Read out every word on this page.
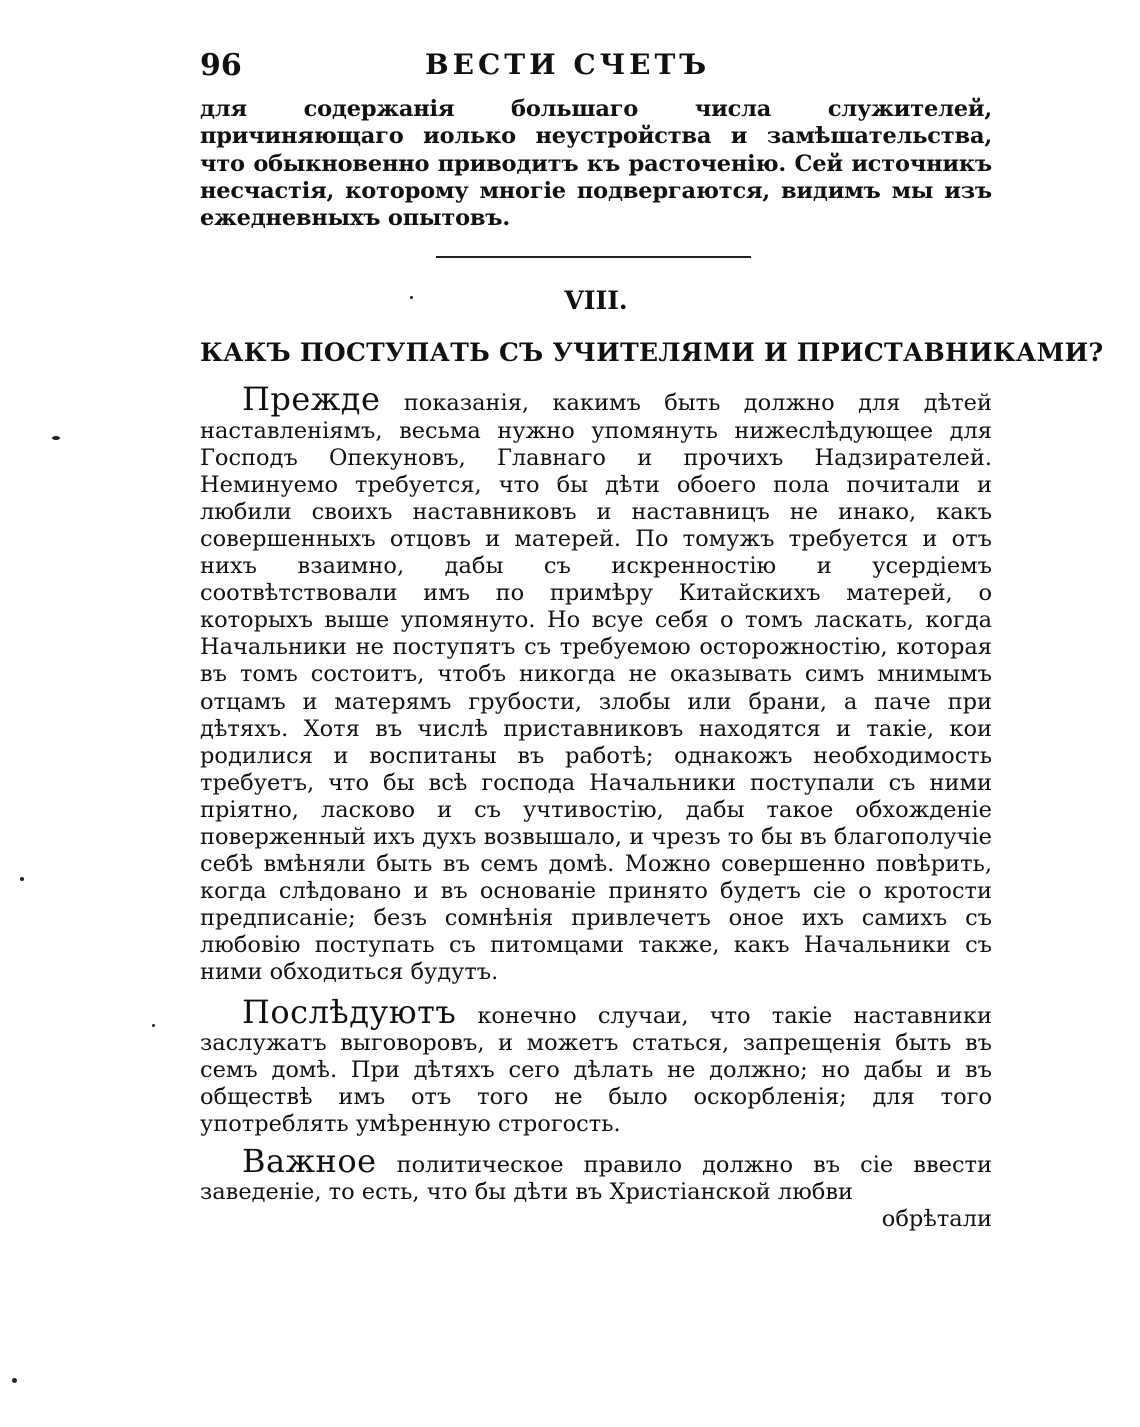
96	ВЕСТИ СЧЕТЪ

для содержанія большаго числа служителей, причиняющаго иолько неустройства и замѣшательства, что обыкновенно приводитъ къ расточенію. Сей источникъ несчастія, которому многіе подвергаются, видимъ мы изъ ежедневныхъ опытовъ.

VIII.
КАКЪ ПОСТУПАТЬ СЪ УЧИТЕЛЯМИ И ПРИСТАВНИКАМИ?

Прежде показанія, какимъ быть должно для дѣтей наставленіямъ, весьма нужно упомянуть нижеслѣдующее для Господъ Опекуновъ, Главнаго и прочихъ Надзирателей. Неминуемо требуется, что бы дѣти обоего пола почитали и любили своихъ наставниковъ и наставницъ не инако, какъ совершенныхъ отцовъ и матерей. По томужъ требуется и отъ нихъ взаимно, дабы съ искренностію и усердіемъ соотвѣтствовали имъ по примѣру Китайскихъ матерей, о которыхъ выше упомянуто. Но всуе себя о томъ ласкать, когда Начальники не поступятъ съ требуемою осторожностію, которая въ томъ состоитъ, чтобъ никогда не оказывать симъ мнимымъ отцамъ и матерямъ грубости, злобы или брани, а паче при дѣтяхъ. Хотя въ числѣ приставниковъ находятся и такіе, кои родилися и воспитаны въ работѣ; однакожъ необходимость требуетъ, что бы всѣ господа Начальники поступали съ ними пріятно, ласково и съ учтивостію, дабы такое обхожденіе поверженный ихъ духъ возвышало, и чрезъ то бы въ благополучіе себѣ вмѣняли быть въ семъ домѣ. Можно совершенно повѣрить, когда слѣдовано и въ основаніе принято будетъ сіе о кротости предписаніе; безъ сомнѣнія привлечетъ оное ихъ самихъ съ любовію поступать съ питомцами также, какъ Начальники съ ними обходиться будутъ.

Послѣдуютъ конечно случаи, что такіе наставники заслужатъ выговоровъ, и можетъ статься, запрещенія быть въ семъ домѣ. При дѣтяхъ сего дѣлать не должно; но дабы и въ обществѣ имъ отъ того не было оскорбленія; для того употреблять умѣренную строгость.

Важное политическое правило должно въ сіе ввести заведеніе, то есть, что бы дѣти въ Христіанской любви

обрѣтали
